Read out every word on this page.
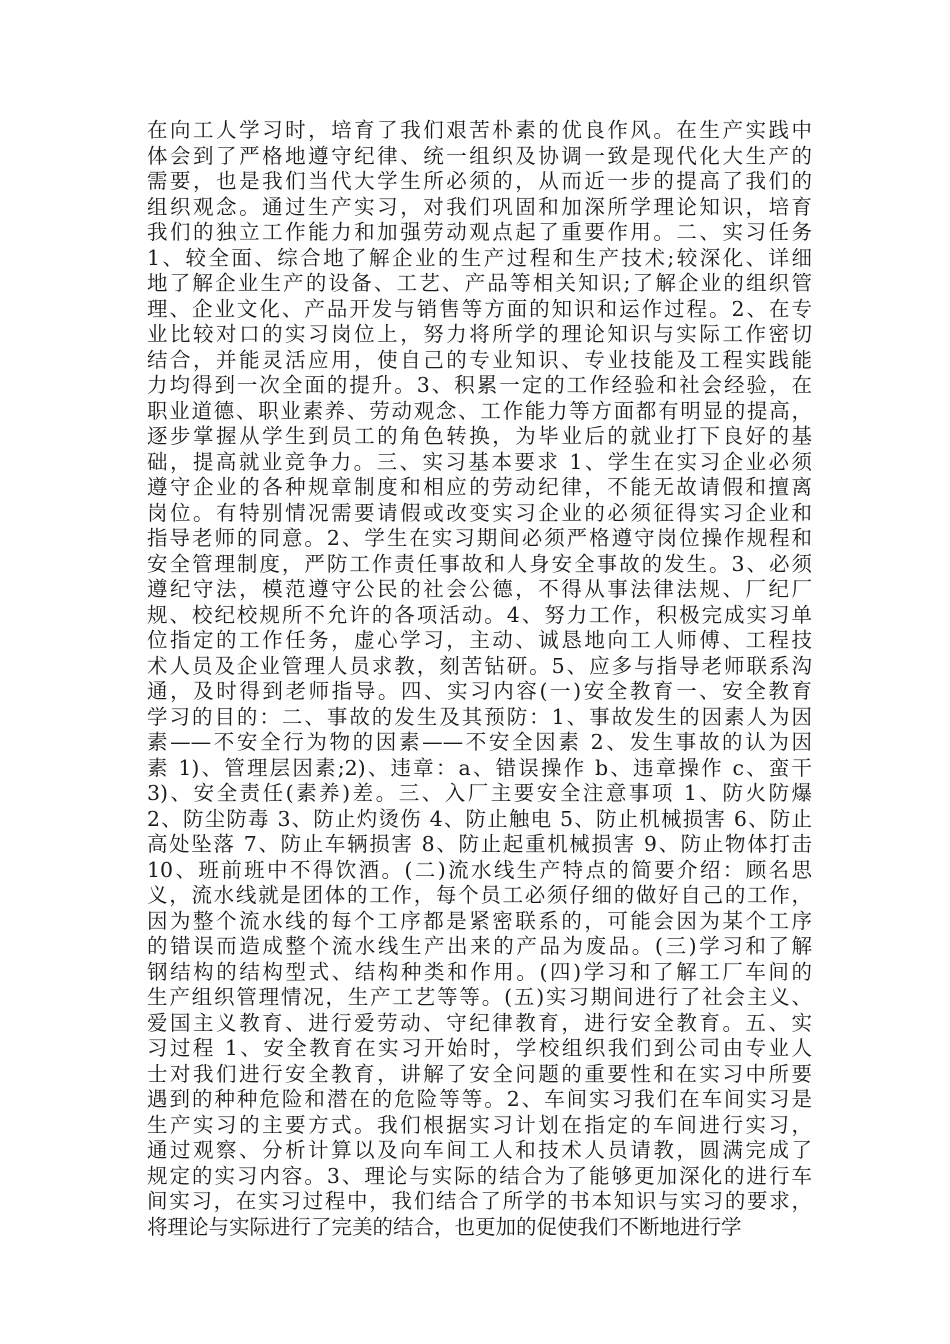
在向工人学习时，培育了我们艰苦朴素的优良作风。在生产实践中
体会到了严格地遵守纪律、统一组织及协调一致是现代化大生产的
需要，也是我们当代大学生所必须的，从而近一步的提高了我们的
组织观念。通过生产实习，对我们巩固和加深所学理论知识，培育
我们的独立工作能力和加强劳动观点起了重要作用。二、实习任务
1、较全面、综合地了解企业的生产过程和生产技术;较深化、详细
地了解企业生产的设备、工艺、产品等相关知识;了解企业的组织管
理、企业文化、产品开发与销售等方面的知识和运作过程。2、在专
业比较对口的实习岗位上，努力将所学的理论知识与实际工作密切
结合，并能灵活应用，使自己的专业知识、专业技能及工程实践能
力均得到一次全面的提升。3、积累一定的工作经验和社会经验，在
职业道德、职业素养、劳动观念、工作能力等方面都有明显的提高，
逐步掌握从学生到员工的角色转换，为毕业后的就业打下良好的基
础，提高就业竞争力。三、实习基本要求 1、学生在实习企业必须
遵守企业的各种规章制度和相应的劳动纪律，不能无故请假和擅离
岗位。有特别情况需要请假或改变实习企业的必须征得实习企业和
指导老师的同意。2、学生在实习期间必须严格遵守岗位操作规程和
安全管理制度，严防工作责任事故和人身安全事故的发生。3、必须
遵纪守法，模范遵守公民的社会公德，不得从事法律法规、厂纪厂
规、校纪校规所不允许的各项活动。4、努力工作，积极完成实习单
位指定的工作任务，虚心学习，主动、诚恳地向工人师傅、工程技
术人员及企业管理人员求教，刻苦钻研。5、应多与指导老师联系沟
通，及时得到老师指导。四、实习内容(一)安全教育一、安全教育
学习的目的：二、事故的发生及其预防：1、事故发生的因素人为因
素——不安全行为物的因素——不安全因素 2、发生事故的认为因
素 1)、管理层因素;2)、违章：a、错误操作 b、违章操作 c、蛮干
3)、安全责任(素养)差。三、入厂主要安全注意事项 1、防火防爆
2、防尘防毒 3、防止灼烫伤 4、防止触电 5、防止机械损害 6、防止
高处坠落 7、防止车辆损害 8、防止起重机械损害 9、防止物体打击
10、班前班中不得饮酒。(二)流水线生产特点的简要介绍：顾名思
义，流水线就是团体的工作，每个员工必须仔细的做好自己的工作，
因为整个流水线的每个工序都是紧密联系的，可能会因为某个工序
的错误而造成整个流水线生产出来的产品为废品。(三)学习和了解
钢结构的结构型式、结构种类和作用。(四)学习和了解工厂车间的
生产组织管理情况，生产工艺等等。(五)实习期间进行了社会主义、
爱国主义教育、进行爱劳动、守纪律教育，进行安全教育。五、实
习过程 1、安全教育在实习开始时，学校组织我们到公司由专业人
士对我们进行安全教育，讲解了安全问题的重要性和在实习中所要
遇到的种种危险和潜在的危险等等。2、车间实习我们在车间实习是
生产实习的主要方式。我们根据实习计划在指定的车间进行实习，
通过观察、分析计算以及向车间工人和技术人员请教，圆满完成了
规定的实习内容。3、理论与实际的结合为了能够更加深化的进行车
间实习，在实习过程中，我们结合了所学的书本知识与实习的要求，
将理论与实际进行了完美的结合，也更加的促使我们不断地进行学
